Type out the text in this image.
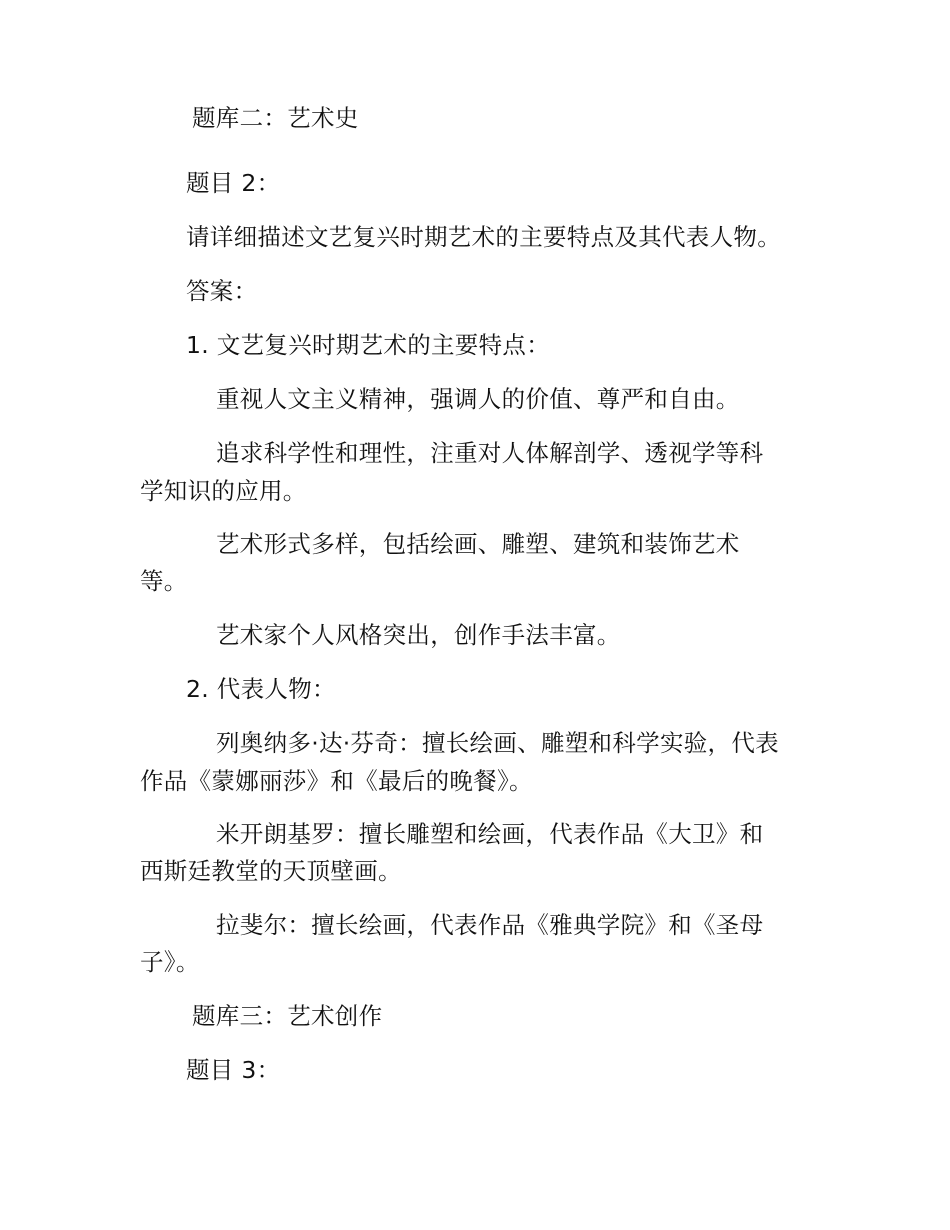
题库二：艺术史
题目 2：
请详细描述文艺复兴时期艺术的主要特点及其代表人物。
答案：
1. 文艺复兴时期艺术的主要特点：
重视人文主义精神，强调人的价值、尊严和自由。
追求科学性和理性，注重对人体解剖学、透视学等科
学知识的应用。
艺术形式多样，包括绘画、雕塑、建筑和装饰艺术
等。
艺术家个人风格突出，创作手法丰富。
2. 代表人物：
列奥纳多·达·芬奇：擅长绘画、雕塑和科学实验，代表
作品《蒙娜丽莎》和《最后的晚餐》。
米开朗基罗：擅长雕塑和绘画，代表作品《大卫》和
西斯廷教堂的天顶壁画。
拉斐尔：擅长绘画，代表作品《雅典学院》和《圣母
子》。
题库三：艺术创作
题目 3：
